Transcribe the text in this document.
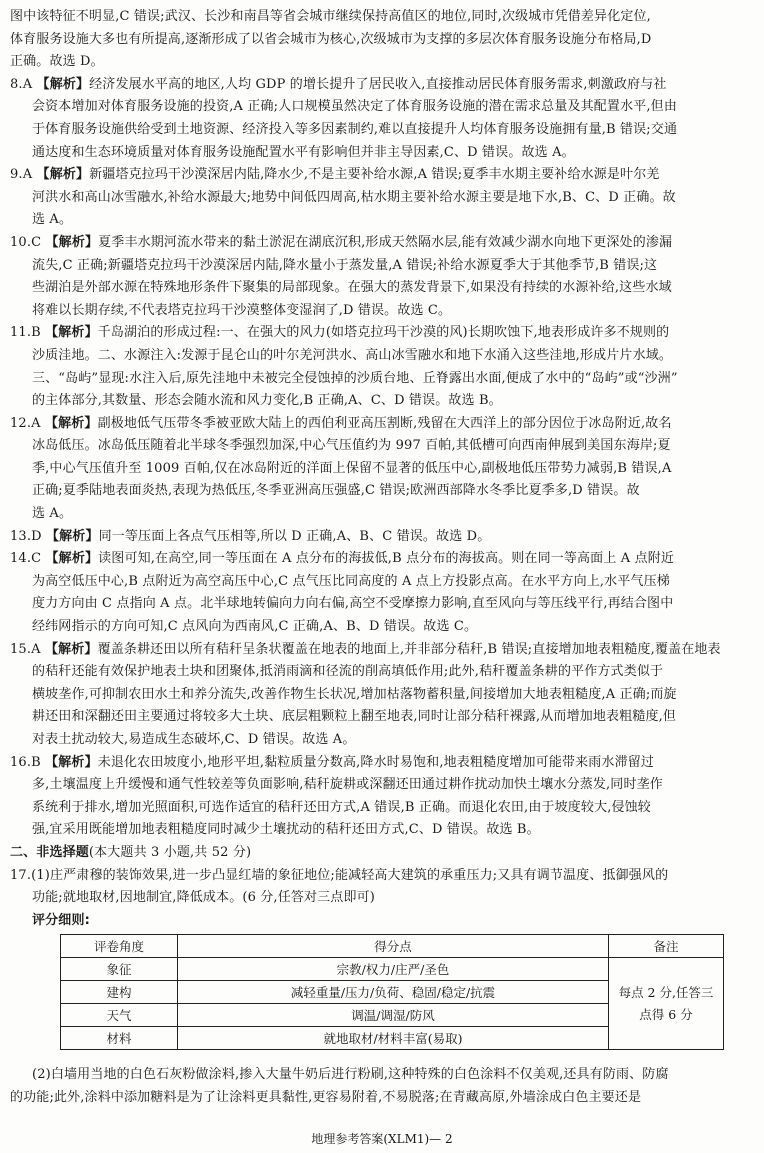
图中该特征不明显,C 错误;武汉、长沙和南昌等省会城市继续保持高值区的地位,同时,次级城市凭借差异化定位,
体育服务设施大多也有所提高,逐渐形成了以省会城市为核心,次级城市为支撑的多层次体育服务设施分布格局,D
正确。故选 D。
8.A 【解析】经济发展水平高的地区,人均 GDP 的增长提升了居民收入,直接推动居民体育服务需求,刺激政府与社
会资本增加对体育服务设施的投资,A 正确;人口规模虽然决定了体育服务设施的潜在需求总量及其配置水平,但由
于体育服务设施供给受到土地资源、经济投入等多因素制约,难以直接提升人均体育服务设施拥有量,B 错误;交通
通达度和生态环境质量对体育服务设施配置水平有影响但并非主导因素,C、D 错误。故选 A。
9.A 【解析】新疆塔克拉玛干沙漠深居内陆,降水少,不是主要补给水源,A 错误;夏季丰水期主要补给水源是叶尔羌
河洪水和高山冰雪融水,补给水源最大;地势中间低四周高,枯水期主要补给水源主要是地下水,B、C、D 正确。故
选 A。
10.C 【解析】夏季丰水期河流水带来的黏土淤泥在湖底沉积,形成天然隔水层,能有效减少湖水向地下更深处的渗漏
流失,C 正确;新疆塔克拉玛干沙漠深居内陆,降水量小于蒸发量,A 错误;补给水源夏季大于其他季节,B 错误;这
些湖泊是外部水源在特殊地形条件下聚集的局部现象。在强大的蒸发背景下,如果没有持续的水源补给,这些水域
将难以长期存续,不代表塔克拉玛干沙漠整体变湿润了,D 错误。故选 C。
11.B 【解析】千岛湖泊的形成过程:一、在强大的风力(如塔克拉玛干沙漠的风)长期吹蚀下,地表形成许多不规则的
沙质洼地。二、水源注入:发源于昆仑山的叶尔羌河洪水、高山冰雪融水和地下水涌入这些洼地,形成片片水域。
三、“岛屿”显现:水注入后,原先洼地中未被完全侵蚀掉的沙质台地、丘脊露出水面,便成了水中的“岛屿”或“沙洲”
的主体部分,其数量、形态会随水流和风力变化,B 正确,A、C、D 错误。故选 B。
12.A 【解析】副极地低气压带冬季被亚欧大陆上的西伯利亚高压割断,残留在大西洋上的部分因位于冰岛附近,故名
冰岛低压。冰岛低压随着北半球冬季强烈加深,中心气压值约为 997 百帕,其低槽可向西南伸展到美国东海岸;夏
季,中心气压值升至 1009 百帕,仅在冰岛附近的洋面上保留不显著的低压中心,副极地低压带势力减弱,B 错误,A
正确;夏季陆地表面炎热,表现为热低压,冬季亚洲高压强盛,C 错误;欧洲西部降水冬季比夏季多,D 错误。故
选 A。
13.D 【解析】同一等压面上各点气压相等,所以 D 正确,A、B、C 错误。故选 D。
14.C 【解析】读图可知,在高空,同一等压面在 A 点分布的海拔低,B 点分布的海拔高。则在同一等高面上 A 点附近
为高空低压中心,B 点附近为高空高压中心,C 点气压比同高度的 A 点上方投影点高。在水平方向上,水平气压梯
度力方向由 C 点指向 A 点。北半球地转偏向力向右偏,高空不受摩擦力影响,直至风向与等压线平行,再结合图中
经纬网指示的方向可知,C 点风向为西南风,C 正确,A、B、D 错误。故选 C。
15.A 【解析】覆盖条耕还田以所有秸秆呈条状覆盖在地表的地面上,并非部分秸秆,B 错误;直接增加地表粗糙度,覆盖在地表
的秸秆还能有效保护地表土块和团聚体,抵消雨滴和径流的削高填低作用;此外,秸秆覆盖条耕的平作方式类似于
横坡垄作,可抑制农田水土和养分流失,改善作物生长状况,增加枯落物蓄积量,间接增加大地表粗糙度,A 正确;而旋
耕还田和深翻还田主要通过将较多大土块、底层粗颗粒上翻至地表,同时让部分秸秆裸露,从而增加地表粗糙度,但
对表土扰动较大,易造成生态破坏,C、D 错误。故选 A。
16.B 【解析】未退化农田坡度小,地形平坦,黏粒质量分数高,降水时易饱和,地表粗糙度增加可能带来雨水滞留过
多,土壤温度上升缓慢和通气性较差等负面影响,秸秆旋耕或深翻还田通过耕作扰动加快土壤水分蒸发,同时垄作
系统利于排水,增加光照面积,可选作适宜的秸秆还田方式,A 错误,B 正确。而退化农田,由于坡度较大,侵蚀较
强,宜采用既能增加地表粗糙度同时减少土壤扰动的秸秆还田方式,C、D 错误。故选 B。
二、非选择题(本大题共 3 小题,共 52 分)
17.(1)庄严肃穆的装饰效果,进一步凸显红墙的象征地位;能减轻高大建筑的承重压力;又具有调节温度、抵御强风的
功能;就地取材,因地制宜,降低成本。(6 分,任答对三点即可)
评分细则:
评卷角度	得分点	备注
象征	宗教/权力/庄严/圣色	每点 2 分,任答三
点得 6 分

建构	减轻重量/压力/负荷、稳固/稳定/抗震	
天气	调温/调湿/防风	
材料	就地取材/材料丰富(易取)	
(2)白墙用当地的白色石灰粉做涂料,掺入大量牛奶后进行粉刷,这种特殊的白色涂料不仅美观,还具有防雨、防腐
的功能;此外,涂料中添加糖料是为了让涂料更具黏性,更容易附着,不易脱落;在青藏高原,外墙涂成白色主要还是
地理参考答案(XLM1)— 2
